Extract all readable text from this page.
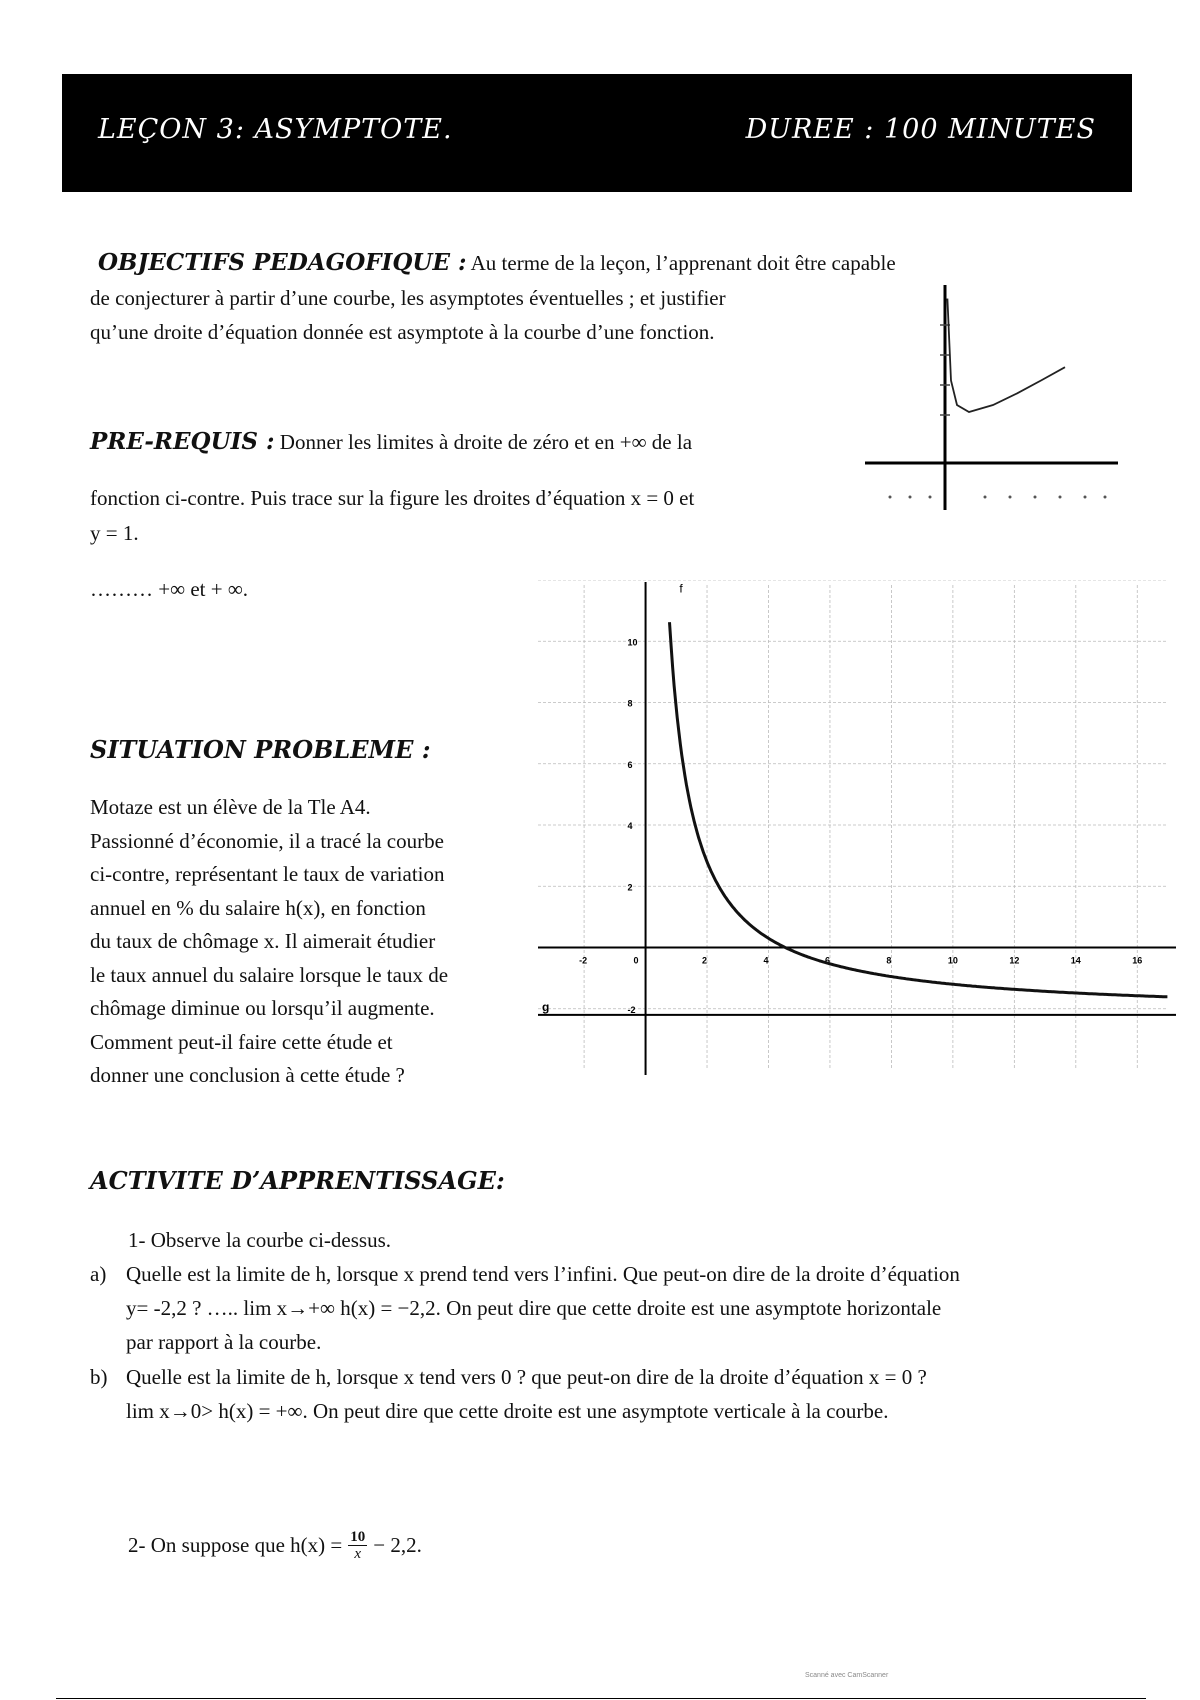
LEÇON 3: ASYMPTOTE.	DUREE : 100 MINUTES
OBJECTIFS PEDAGOFIQUE : Au terme de la leçon, l’apprenant doit être capable
de conjecturer à partir d’une courbe, les asymptotes éventuelles ; et justifier
qu’une droite d’équation donnée est asymptote à la courbe d’une fonction.
PRE-REQUIS : Donner les limites à droite de zéro et en +∞ de la
fonction ci-contre. Puis trace sur la figure les droites d’équation x = 0 et
y = 1.
……… +∞ et + ∞.
-2	0	2	4	6	8	10	12	14	16
10
8
6
4
2
-2
f
g
SITUATION PROBLEME :
Motaze est un élève de la Tle A4.
Passionné d’économie, il a tracé la courbe
ci-contre, représentant le taux de variation
annuel en % du salaire h(x), en fonction
du taux de chômage x. Il aimerait étudier
le taux annuel du salaire lorsque le taux de
chômage diminue ou lorsqu’il augmente.
Comment peut-il faire cette étude et
donner une conclusion à cette étude ?
ACTIVITE D’APPRENTISSAGE:
1- Observe la courbe ci-dessus.
a) Quelle est la limite de h, lorsque x prend tend vers l’infini. Que peut-on dire de la droite d’équation
y= -2,2 ? ….. lim x→+∞ h(x) = −2,2. On peut dire que cette droite est une asymptote horizontale
par rapport à la courbe.
b) Quelle est la limite de h, lorsque x tend vers 0 ? que peut-on dire de la droite d’équation x = 0 ?
lim x→0> h(x) = +∞. On peut dire que cette droite est une asymptote verticale à la courbe.
2- On suppose que $h(x) = \frac{10}{x} - 2,2$.
Scanné avec CamScanner
